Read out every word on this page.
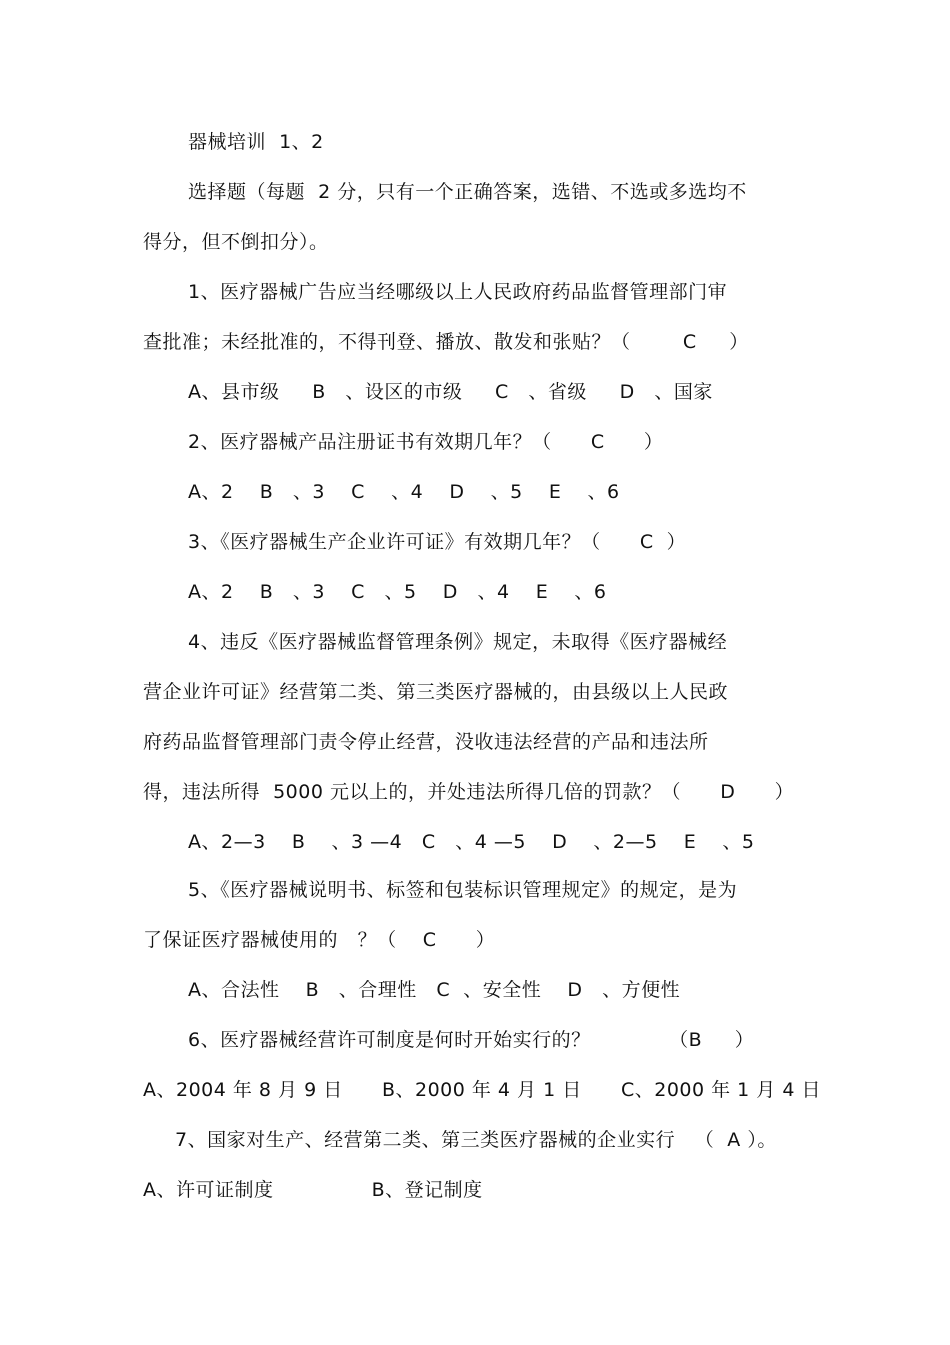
器械培训  1、2
选择题（每题  2 分，只有一个正确答案，选错、不选或多选均不
得分，但不倒扣分）。
1、医疗器械广告应当经哪级以上人民政府药品监督管理部门审
查批准；未经批准的，不得刊登、播放、散发和张贴？（        C     ）
A、县市级     B   、设区的市级     C   、省级     D   、国家
2、医疗器械产品注册证书有效期几年？（      C      ）
A、2    B   、3    C    、4    D    、5    E    、6
3、《医疗器械生产企业许可证》有效期几年？（      C  ）
A、2    B   、3    C   、5    D   、4    E    、6
4、违反《医疗器械监督管理条例》规定，未取得《医疗器械经
营企业许可证》经营第二类、第三类医疗器械的，由县级以上人民政
府药品监督管理部门责令停止经营，没收违法经营的产品和违法所
得，违法所得  5000 元以上的，并处违法所得几倍的罚款？（      D      ）
A、2—3    B    、3 —4   C   、4 —5    D    、2—5    E    、5
5、《医疗器械说明书、标签和包装标识管理规定》的规定，是为
了保证医疗器械使用的   ？（    C      ）
A、合法性    B   、合理性   C  、安全性    D   、方便性
6、医疗器械经营许可制度是何时开始实行的？            （B     ）
A、2004 年 8 月 9 日      B、2000 年 4 月 1 日      C、2000 年 1 月 4 日
7、国家对生产、经营第二类、第三类医疗器械的企业实行   （  A ）。
A、许可证制度               B、登记制度
